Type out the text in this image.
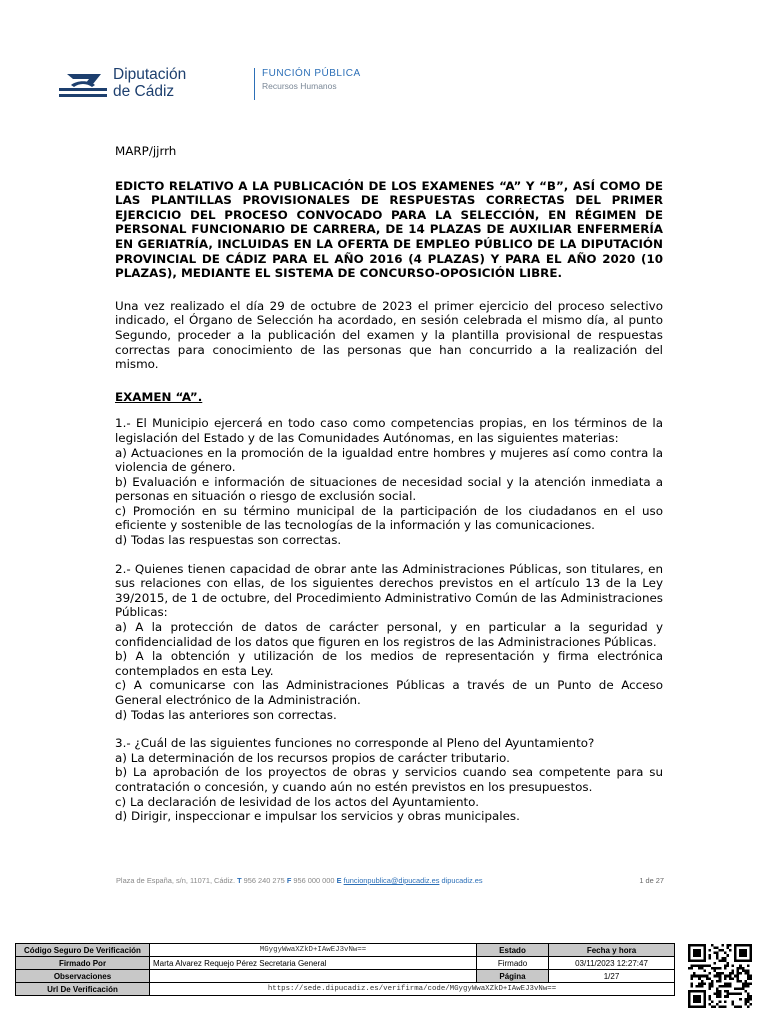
Diputación
de Cádiz
FUNCIÓN PÚBLICA
Recursos Humanos

MARP/jjrrh

EDICTO RELATIVO A LA PUBLICACIÓN DE LOS EXAMENES “A” Y “B”, ASÍ COMO DE LAS PLANTILLAS PROVISIONALES DE RESPUESTAS CORRECTAS DEL PRIMER EJERCICIO DEL PROCESO CONVOCADO PARA LA SELECCIÓN, EN RÉGIMEN DE PERSONAL FUNCIONARIO DE CARRERA, DE 14 PLAZAS DE AUXILIAR ENFERMERÍA EN GERIATRÍA, INCLUIDAS EN LA OFERTA DE EMPLEO PÚBLICO DE LA DIPUTACIÓN PROVINCIAL DE CÁDIZ PARA EL AÑO 2016 (4 PLAZAS) Y PARA EL AÑO 2020 (10 PLAZAS), MEDIANTE EL SISTEMA DE CONCURSO-OPOSICIÓN LIBRE.

Una vez realizado el día 29 de octubre de 2023 el primer ejercicio del proceso selectivo indicado, el Órgano de Selección ha acordado, en sesión celebrada el mismo día, al punto Segundo, proceder a la publicación del examen y la plantilla provisional de respuestas correctas para conocimiento de las personas que han concurrido a la realización del mismo.

EXAMEN “A”.

1.- El Municipio ejercerá en todo caso como competencias propias, en los términos de la legislación del Estado y de las Comunidades Autónomas, en las siguientes materias:

a) Actuaciones en la promoción de la igualdad entre hombres y mujeres así como contra la violencia de género.

b) Evaluación e información de situaciones de necesidad social y la atención inmediata a personas en situación o riesgo de exclusión social.

c) Promoción en su término municipal de la participación de los ciudadanos en el uso eficiente y sostenible de las tecnologías de la información y las comunicaciones.

d) Todas las respuestas son correctas.

2.- Quienes tienen capacidad de obrar ante las Administraciones Públicas, son titulares, en sus relaciones con ellas, de los siguientes derechos previstos en el artículo 13 de la Ley 39/2015, de 1 de octubre, del Procedimiento Administrativo Común de las Administraciones Públicas:

a) A la protección de datos de carácter personal, y en particular a la seguridad y confidencialidad de los datos que figuren en los registros de las Administraciones Públicas.

b) A la obtención y utilización de los medios de representación y firma electrónica contemplados en esta Ley.

c) A comunicarse con las Administraciones Públicas a través de un Punto de Acceso General electrónico de la Administración.

d) Todas las anteriores son correctas.

3.- ¿Cuál de las siguientes funciones no corresponde al Pleno del Ayuntamiento?

a) La determinación de los recursos propios de carácter tributario.

b) La aprobación de los proyectos de obras y servicios cuando sea competente para su contratación o concesión, y cuando aún no estén previstos en los presupuestos.

c) La declaración de lesividad de los actos del Ayuntamiento.

d) Dirigir, inspeccionar e impulsar los servicios y obras municipales.

Plaza de España, s/n, 11071, Cádiz. T 956 240 275 F 956 000 000 E funcionpublica@dipucadiz.es dipucadiz.es	1 de 27
Código Seguro De Verificación	MGygyWwaXZkD+IAwEJ3vNw==	Estado	Fecha y hora
Firmado Por	Marta Alvarez Requejo Pérez Secretaria General	Firmado	03/11/2023 12:27:47
Observaciones		Página	1/27
Url De Verificación	https://sede.dipucadiz.es/verifirma/code/MGygyWwaXZkD+IAwEJ3vNw==		
